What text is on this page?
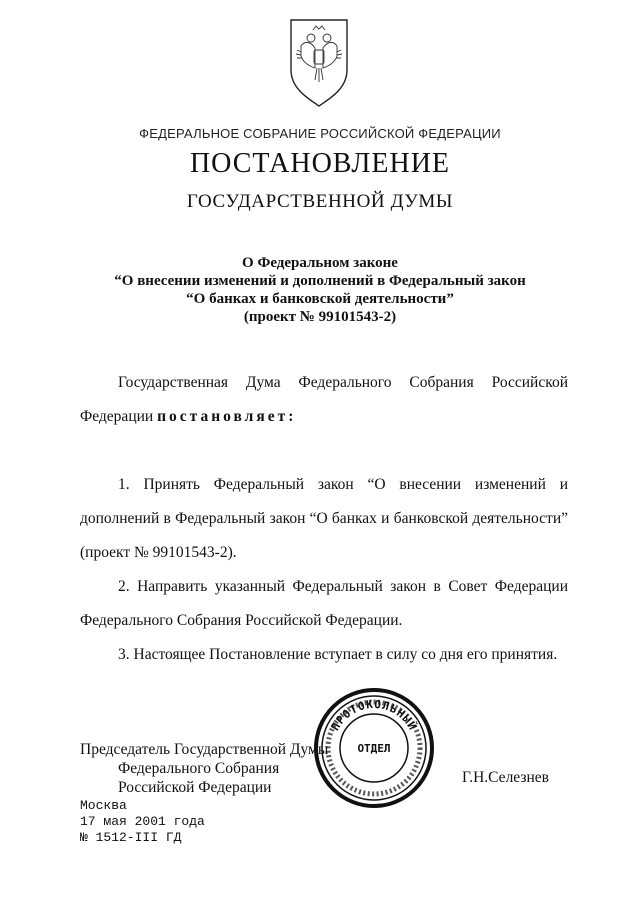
ФЕДЕРАЛЬНОЕ СОБРАНИЕ РОССИЙСКОЙ ФЕДЕРАЦИИ
ПОСТАНОВЛЕНИЕ
ГОСУДАРСТВЕННОЙ ДУМЫ
О Федеральном законе
“О внесении изменений и дополнений в Федеральный закон
“О банках и банковской деятельности”
(проект № 99101543-2)
Государственная Дума Федерального Собрания Российской Федерации постановляет:
1. Принять Федеральный закон “О внесении изменений и дополнений в Федеральный закон “О банках и банковской деятельности” (проект № 99101543-2).
2. Направить указанный Федеральный закон в Совет Федерации Федерального Собрания Российской Федерации.
3. Настоящее Постановление вступает в силу со дня его принятия.
Председатель Государственной Думы
Федерального Собрания
Российской Федерации
ПРОТОКОЛЬНЫЙ
ОТДЕЛ
Г.Н.Селезнев
Москва
17 мая 2001 года
№ 1512-III ГД
